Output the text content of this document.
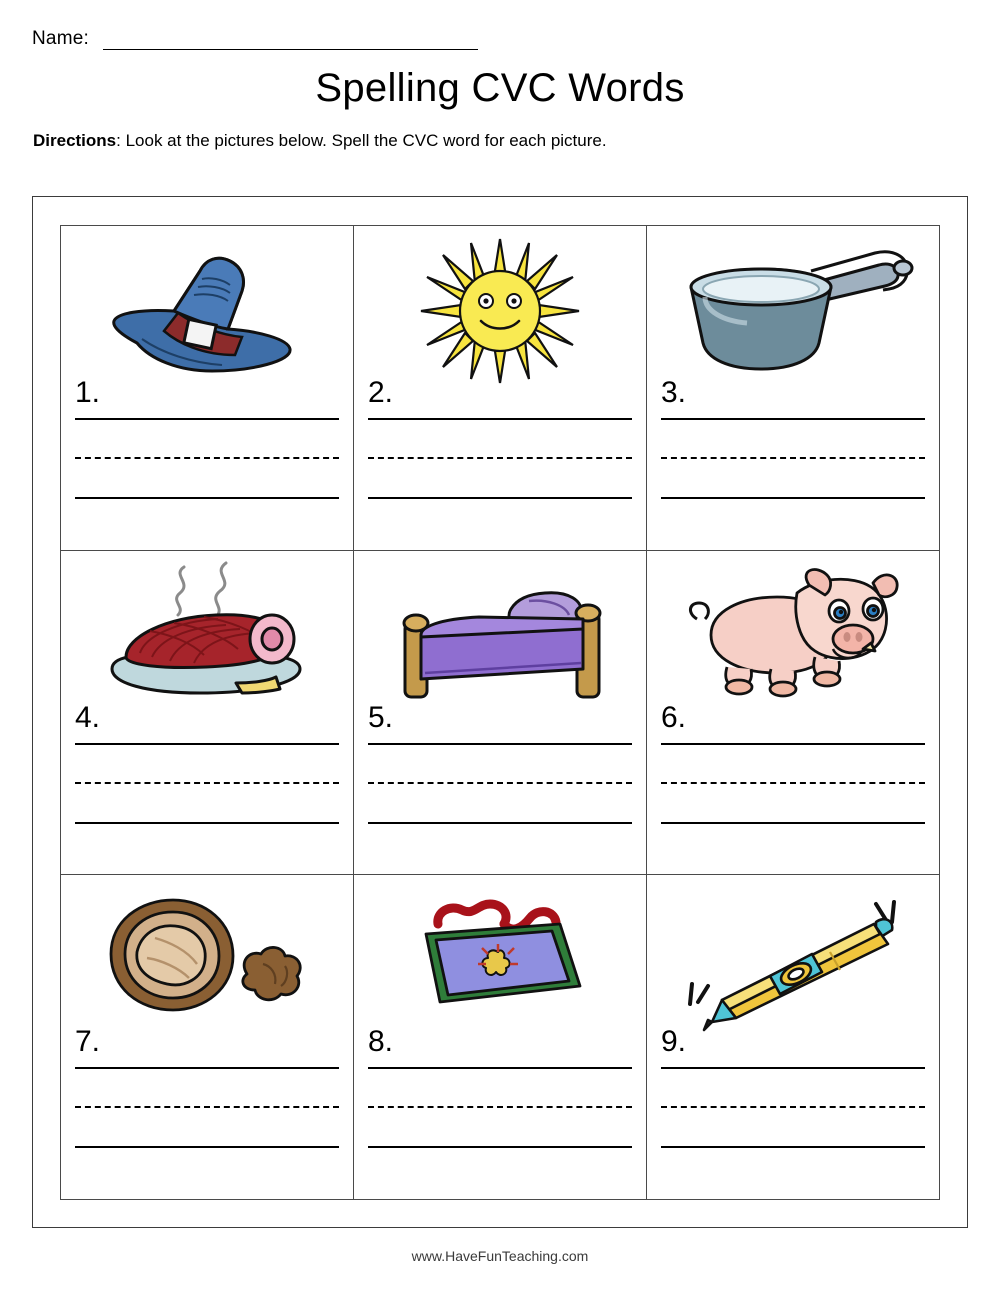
Name:
Spelling CVC Words
Directions: Look at the pictures below. Spell the CVC word for each picture.
1.	2.	3.
4.	5.	6.
7.	8.	9.
www.HaveFunTeaching.com
